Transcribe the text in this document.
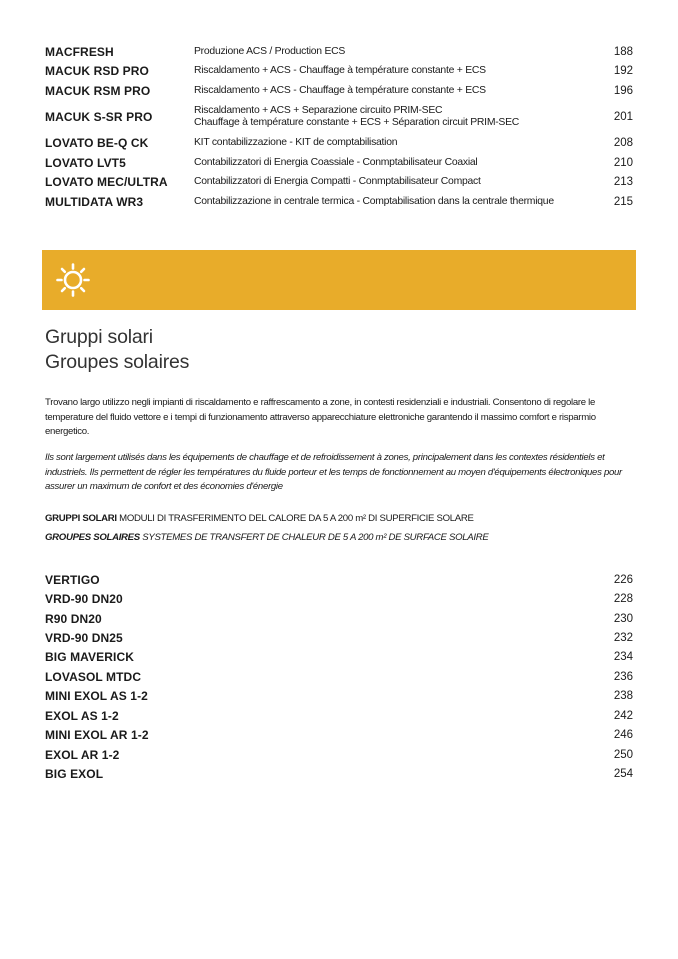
MACFRESH	Produzione ACS / Production ECS	188
MACUK RSD PRO	Riscaldamento + ACS - Chauffage à température constante + ECS	192
MACUK RSM PRO	Riscaldamento + ACS - Chauffage à température constante + ECS	196
MACUK S-SR PRO	Riscaldamento + ACS + Separazione circuito PRIM-SEC
Chauffage à température constante + ECS + Séparation circuit PRIM-SEC	201
LOVATO BE-Q CK	KIT contabilizzazione - KIT de comptabilisation	208
LOVATO LVT5	Contabilizzatori di Energia Coassiale - Conmptabilisateur Coaxial	210
LOVATO MEC/ULTRA	Contabilizzatori di Energia Compatti - Conmptabilisateur Compact	213
MULTIDATA WR3	Contabilizzazione in centrale termica - Comptabilisation dans la centrale thermique	215
Gruppi solari
Groupes solaires
Trovano largo utilizzo negli impianti di riscaldamento e raffrescamento a zone, in contesti residenziali e industriali. Consentono di regolare le temperature del fluido vettore e i tempi di funzionamento attraverso apparecchiature elettroniche garantendo il massimo comfort e risparmio energetico.
Ils sont largement utilisés dans les équipements de chauffage et de refroidissement à zones, principalement dans les contextes résidentiels et industriels. Ils permettent de régler les températures du fluide porteur et les temps de fonctionnement au moyen d'équipements électroniques pour assurer un maximum de confort et des économies d'énergie
GRUPPI SOLARI MODULI DI TRASFERIMENTO DEL CALORE DA 5 A 200 m² DI SUPERFICIE SOLARE
GROUPES SOLAIRES SYSTEMES DE TRANSFERT DE CHALEUR DE 5 A 200 m² DE SURFACE SOLAIRE
VERTIGO	226
VRD-90 DN20	228
R90 DN20	230
VRD-90 DN25	232
BIG MAVERICK	234
LOVASOL MTDC	236
MINI EXOL AS 1-2	238
EXOL AS 1-2	242
MINI EXOL AR 1-2	246
EXOL AR 1-2	250
BIG EXOL	254
